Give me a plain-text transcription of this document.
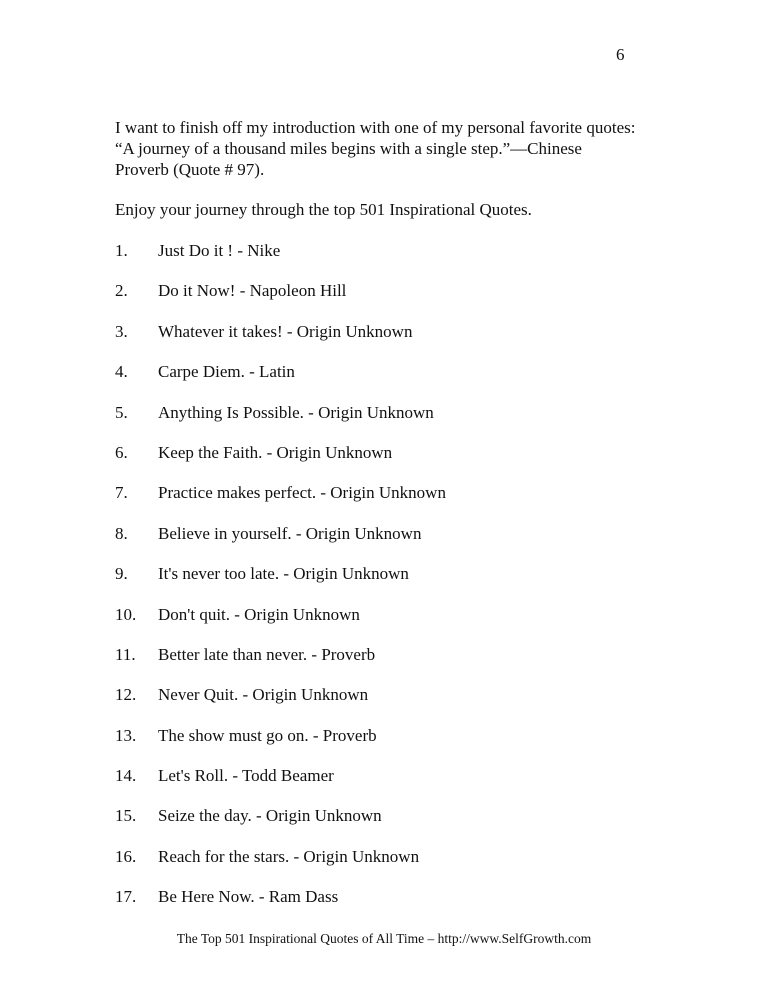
6
I want to finish off my introduction with one of my personal favorite quotes:
“A journey of a thousand miles begins with a single step.”—Chinese
Proverb (Quote # 97).
Enjoy your journey through the top 501 Inspirational Quotes.
1.	Just Do it ! - Nike
2.	Do it Now! - Napoleon Hill
3.	Whatever it takes! - Origin Unknown
4.	Carpe Diem. - Latin
5.	Anything Is Possible. - Origin Unknown
6.	Keep the Faith. - Origin Unknown
7.	Practice makes perfect. - Origin Unknown
8.	Believe in yourself. - Origin Unknown
9.	It's never too late. - Origin Unknown
10.	Don't quit. - Origin Unknown
11.	Better late than never. - Proverb
12.	Never Quit. - Origin Unknown
13.	The show must go on. - Proverb
14.	Let's Roll. - Todd Beamer
15.	Seize the day. - Origin Unknown
16.	Reach for the stars. - Origin Unknown
17.	Be Here Now. - Ram Dass
The Top 501 Inspirational Quotes of All Time – http://www.SelfGrowth.com
